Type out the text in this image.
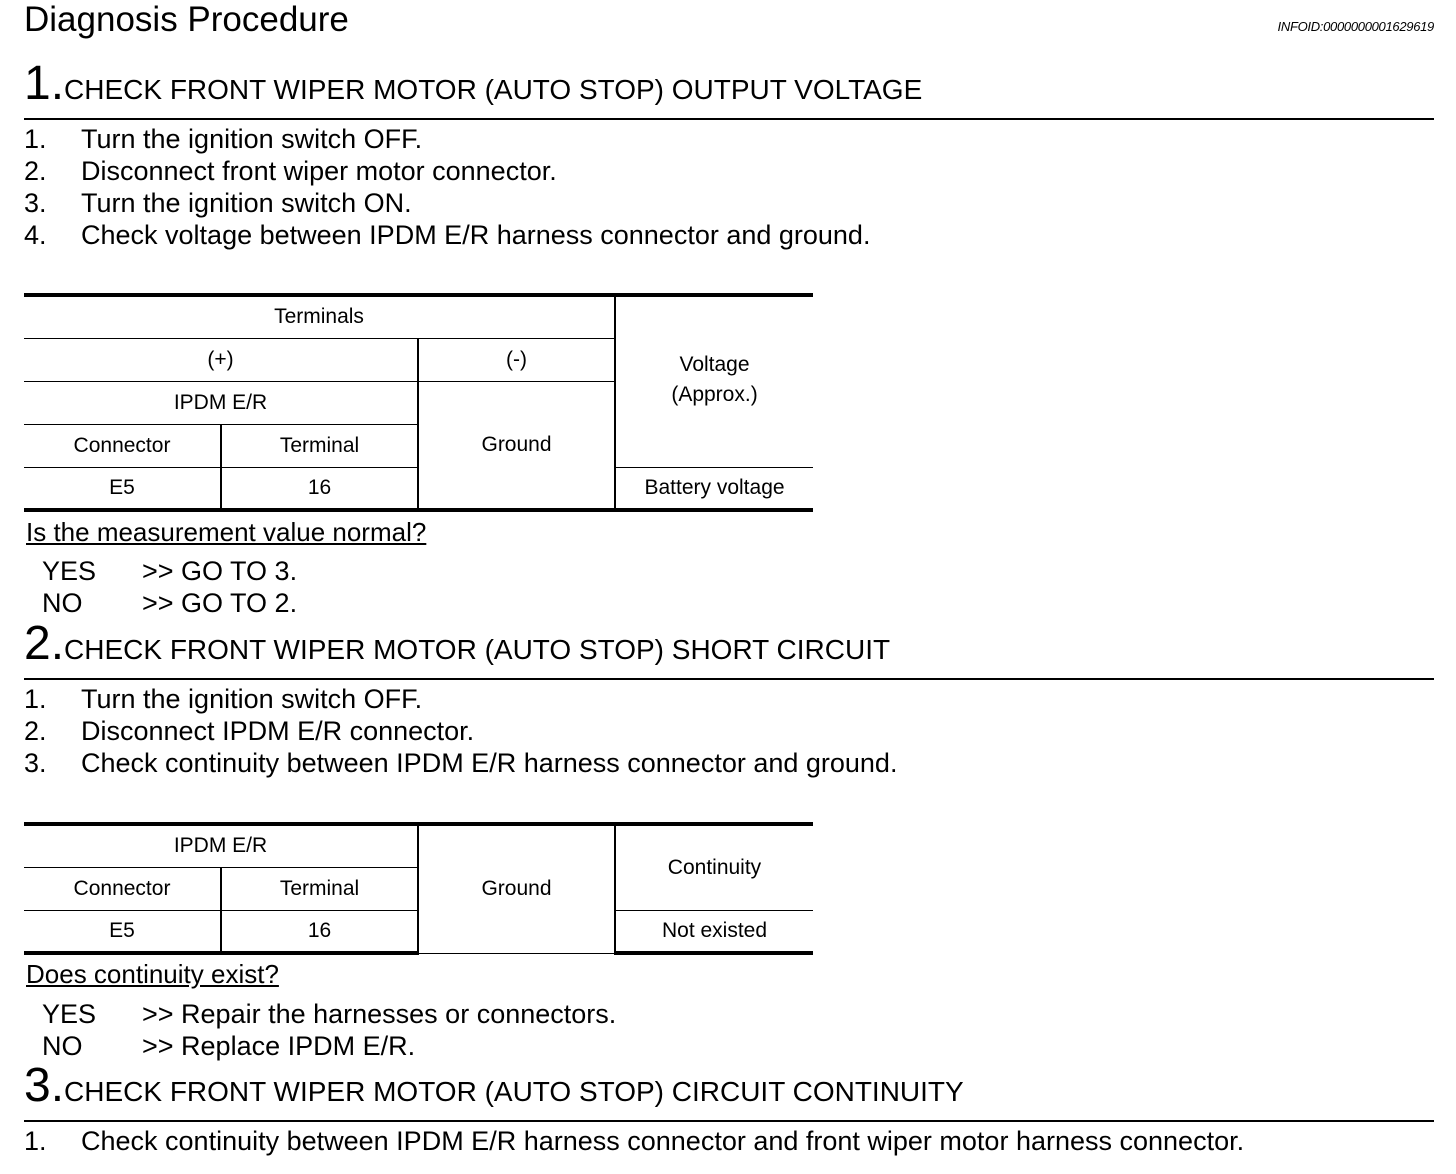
Diagnosis Procedure	INFOID:0000000001629619
1.CHECK FRONT WIPER MOTOR (AUTO STOP) OUTPUT VOLTAGE
1. Turn the ignition switch OFF.
2. Disconnect front wiper motor connector.
3. Turn the ignition switch ON.
4. Check voltage between IPDM E/R harness connector and ground.
Terminals			Voltage
(Approx.)
(+)		(-)	
IPDM E/R		Ground	
Connector	Terminal		
E5	16		Battery voltage
Is the measurement value normal?
YES >> GO TO 3.
NO >> GO TO 2.
2.CHECK FRONT WIPER MOTOR (AUTO STOP) SHORT CIRCUIT
1. Turn the ignition switch OFF.
2. Disconnect IPDM E/R connector.
3. Check continuity between IPDM E/R harness connector and ground.
IPDM E/R		Ground	Continuity
Connector	Terminal		
E5	16		Not existed
Does continuity exist?
YES >> Repair the harnesses or connectors.
NO >> Replace IPDM E/R.
3.CHECK FRONT WIPER MOTOR (AUTO STOP) CIRCUIT CONTINUITY
1. Check continuity between IPDM E/R harness connector and front wiper motor harness connector.
